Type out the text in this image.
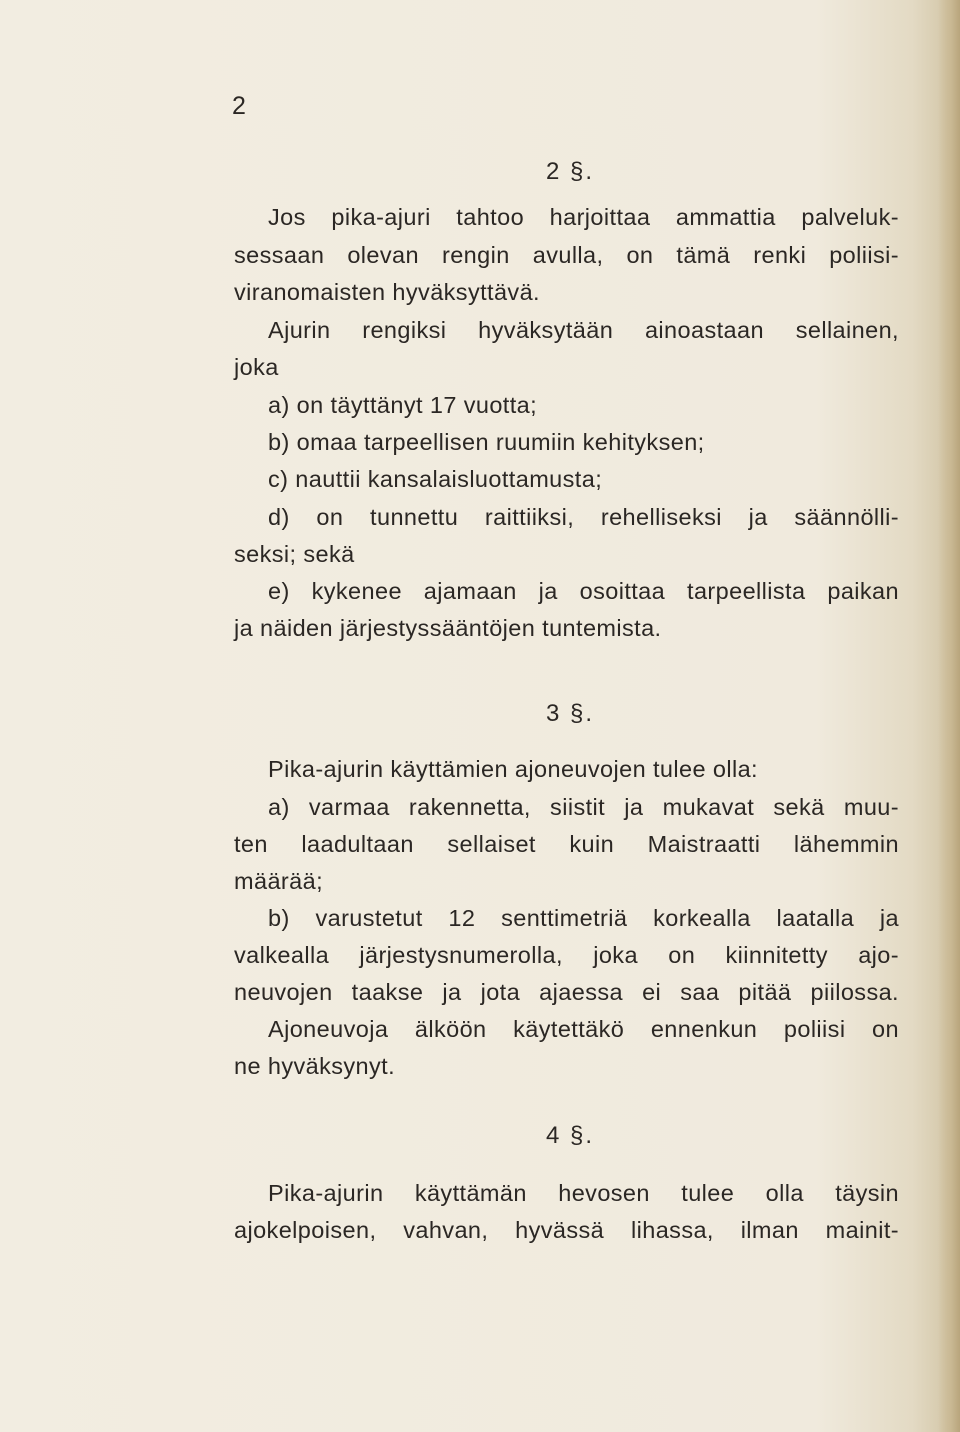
2
2 §.
Jos pika-ajuri tahtoo harjoittaa ammattia palveluk-
sessaan olevan rengin avulla, on tämä renki poliisi-
viranomaisten hyväksyttävä.
Ajurin rengiksi hyväksytään ainoastaan sellainen,
joka
a) on täyttänyt 17 vuotta;
b) omaa tarpeellisen ruumiin kehityksen;
c) nauttii kansalaisluottamusta;
d) on tunnettu raittiiksi, rehelliseksi ja säännölli-
seksi; sekä
e) kykenee ajamaan ja osoittaa tarpeellista paikan
ja näiden järjestyssääntöjen tuntemista.
3 §.
Pika-ajurin käyttämien ajoneuvojen tulee olla:
a) varmaa rakennetta, siistit ja mukavat sekä muu-
ten laadultaan sellaiset kuin Maistraatti lähemmin
määrää;
b) varustetut 12 senttimetriä korkealla laatalla ja
valkealla järjestysnumerolla, joka on kiinnitetty ajo-
neuvojen taakse ja jota ajaessa ei saa pitää piilossa.
Ajoneuvoja älköön käytettäkö ennenkun poliisi on
ne hyväksynyt.
4 §.
Pika-ajurin käyttämän hevosen tulee olla täysin
ajokelpoisen, vahvan, hyvässä lihassa, ilman mainit-
